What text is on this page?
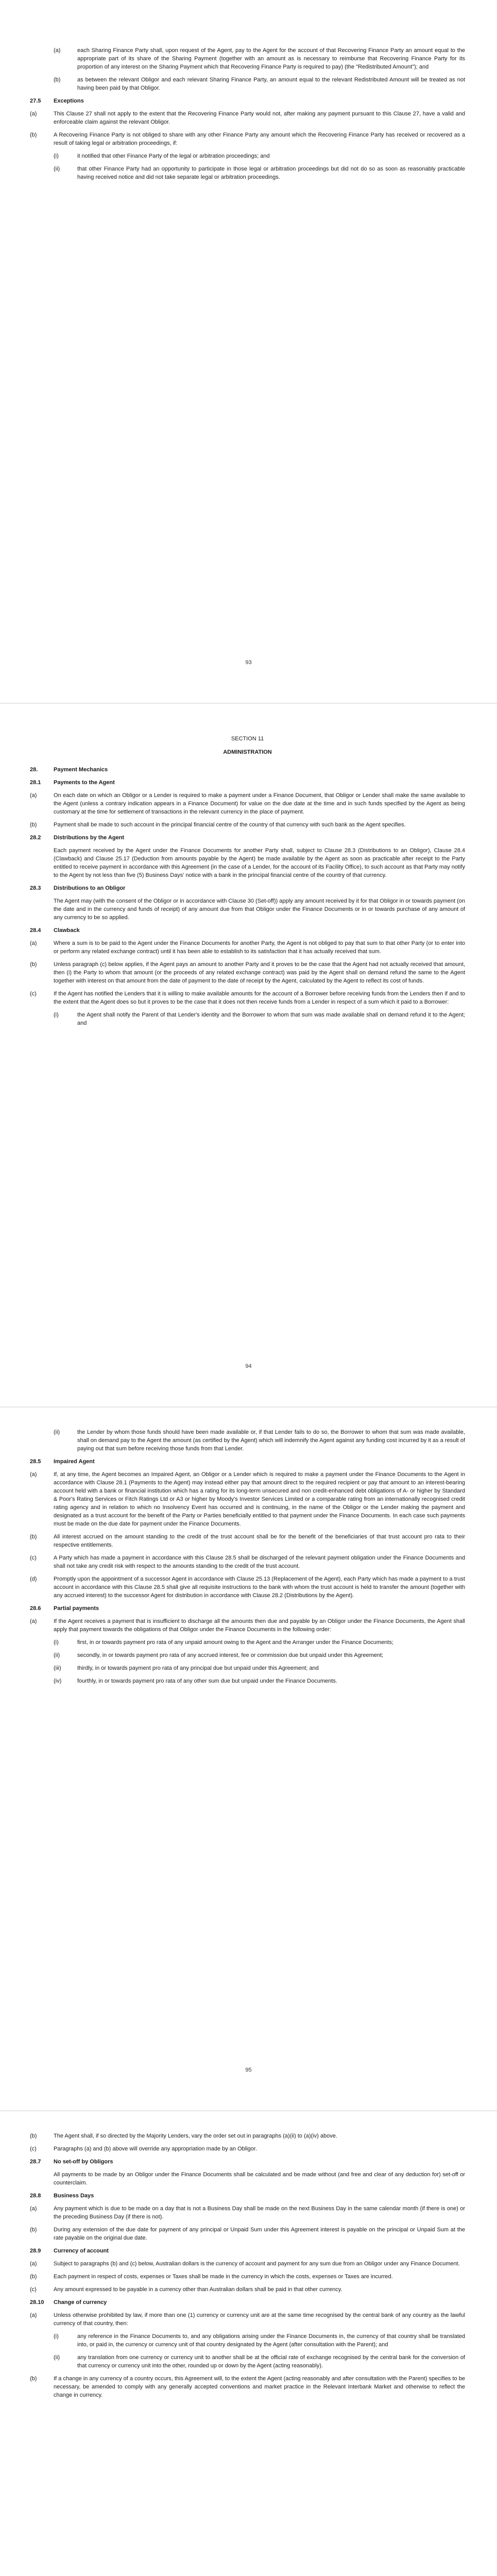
(a)	each Sharing Finance Party shall, upon request of the Agent, pay to the Agent for the account of that Recovering Finance Party an amount equal to the appropriate part of its share of the Sharing Payment (together with an amount as is necessary to reimburse that Recovering Finance Party for its proportion of any interest on the Sharing Payment which that Recovering Finance Party is required to pay) (the "Redistributed Amount"); and
(b)	as between the relevant Obligor and each relevant Sharing Finance Party, an amount equal to the relevant Redistributed Amount will be treated as not having been paid by that Obligor.
27.5	Exceptions
(a)	This Clause 27 shall not apply to the extent that the Recovering Finance Party would not, after making any payment pursuant to this Clause 27, have a valid and enforceable claim against the relevant Obligor.
(b)	A Recovering Finance Party is not obliged to share with any other Finance Party any amount which the Recovering Finance Party has received or recovered as a result of taking legal or arbitration proceedings, if:
(i)	it notified that other Finance Party of the legal or arbitration proceedings; and
(ii)	that other Finance Party had an opportunity to participate in those legal or arbitration proceedings but did not do so as soon as reasonably practicable having received notice and did not take separate legal or arbitration proceedings.
93
SECTION 11
ADMINISTRATION
28.	Payment Mechanics
28.1	Payments to the Agent
(a)	On each date on which an Obligor or a Lender is required to make a payment under a Finance Document, that Obligor or Lender shall make the same available to the Agent (unless a contrary indication appears in a Finance Document) for value on the due date at the time and in such funds specified by the Agent as being customary at the time for settlement of transactions in the relevant currency in the place of payment.
(b)	Payment shall be made to such account in the principal financial centre of the country of that currency with such bank as the Agent specifies.
28.2	Distributions by the Agent
Each payment received by the Agent under the Finance Documents for another Party shall, subject to Clause 28.3 (Distributions to an Obligor), Clause 28.4 (Clawback) and Clause 25.17 (Deduction from amounts payable by the Agent) be made available by the Agent as soon as practicable after receipt to the Party entitled to receive payment in accordance with this Agreement (in the case of a Lender, for the account of its Facility Office), to such account as that Party may notify to the Agent by not less than five (5) Business Days' notice with a bank in the principal financial centre of the country of that currency.
28.3	Distributions to an Obligor
The Agent may (with the consent of the Obligor or in accordance with Clause 30 (Set-off)) apply any amount received by it for that Obligor in or towards payment (on the date and in the currency and funds of receipt) of any amount due from that Obligor under the Finance Documents or in or towards purchase of any amount of any currency to be so applied.
28.4	Clawback
(a)	Where a sum is to be paid to the Agent under the Finance Documents for another Party, the Agent is not obliged to pay that sum to that other Party (or to enter into or perform any related exchange contract) until it has been able to establish to its satisfaction that it has actually received that sum.
(b)	Unless paragraph (c) below applies, if the Agent pays an amount to another Party and it proves to be the case that the Agent had not actually received that amount, then (i) the Party to whom that amount (or the proceeds of any related exchange contract) was paid by the Agent shall on demand refund the same to the Agent together with interest on that amount from the date of payment to the date of receipt by the Agent, calculated by the Agent to reflect its cost of funds.
(c)	If the Agent has notified the Lenders that it is willing to make available amounts for the account of a Borrower before receiving funds from the Lenders then if and to the extent that the Agent does so but it proves to be the case that it does not then receive funds from a Lender in respect of a sum which it paid to a Borrower:
(i)	the Agent shall notify the Parent of that Lender's identity and the Borrower to whom that sum was made available shall on demand refund it to the Agent; and
94
(ii)	the Lender by whom those funds should have been made available or, if that Lender fails to do so, the Borrower to whom that sum was made available, shall on demand pay to the Agent the amount (as certified by the Agent) which will indemnify the Agent against any funding cost incurred by it as a result of paying out that sum before receiving those funds from that Lender.
28.5	Impaired Agent
(a)	If, at any time, the Agent becomes an Impaired Agent, an Obligor or a Lender which is required to make a payment under the Finance Documents to the Agent in accordance with Clause 28.1 (Payments to the Agent) may instead either pay that amount direct to the required recipient or pay that amount to an interest-bearing account held with a bank or financial institution which has a rating for its long-term unsecured and non credit-enhanced debt obligations of A- or higher by Standard & Poor's Rating Services or Fitch Ratings Ltd or A3 or higher by Moody's Investor Services Limited or a comparable rating from an internationally recognised credit rating agency and in relation to which no Insolvency Event has occurred and is continuing, in the name of the Obligor or the Lender making the payment and designated as a trust account for the benefit of the Party or Parties beneficially entitled to that payment under the Finance Documents. In each case such payments must be made on the due date for payment under the Finance Documents.
(b)	All interest accrued on the amount standing to the credit of the trust account shall be for the benefit of the beneficiaries of that trust account pro rata to their respective entitlements.
(c)	A Party which has made a payment in accordance with this Clause 28.5 shall be discharged of the relevant payment obligation under the Finance Documents and shall not take any credit risk with respect to the amounts standing to the credit of the trust account.
(d)	Promptly upon the appointment of a successor Agent in accordance with Clause 25.13 (Replacement of the Agent), each Party which has made a payment to a trust account in accordance with this Clause 28.5 shall give all requisite instructions to the bank with whom the trust account is held to transfer the amount (together with any accrued interest) to the successor Agent for distribution in accordance with Clause 28.2 (Distributions by the Agent).
28.6	Partial payments
(a)	If the Agent receives a payment that is insufficient to discharge all the amounts then due and payable by an Obligor under the Finance Documents, the Agent shall apply that payment towards the obligations of that Obligor under the Finance Documents in the following order:
(i)	first, in or towards payment pro rata of any unpaid amount owing to the Agent and the Arranger under the Finance Documents;
(ii)	secondly, in or towards payment pro rata of any accrued interest, fee or commission due but unpaid under this Agreement;
(iii)	thirdly, in or towards payment pro rata of any principal due but unpaid under this Agreement; and
(iv)	fourthly, in or towards payment pro rata of any other sum due but unpaid under the Finance Documents.
95
(b)	The Agent shall, if so directed by the Majority Lenders, vary the order set out in paragraphs (a)(ii) to (a)(iv) above.
(c)	Paragraphs (a) and (b) above will override any appropriation made by an Obligor.
28.7	No set-off by Obligors
All payments to be made by an Obligor under the Finance Documents shall be calculated and be made without (and free and clear of any deduction for) set-off or counterclaim.
28.8	Business Days
(a)	Any payment which is due to be made on a day that is not a Business Day shall be made on the next Business Day in the same calendar month (if there is one) or the preceding Business Day (if there is not).
(b)	During any extension of the due date for payment of any principal or Unpaid Sum under this Agreement interest is payable on the principal or Unpaid Sum at the rate payable on the original due date.
28.9	Currency of account
(a)	Subject to paragraphs (b) and (c) below, Australian dollars is the currency of account and payment for any sum due from an Obligor under any Finance Document.
(b)	Each payment in respect of costs, expenses or Taxes shall be made in the currency in which the costs, expenses or Taxes are incurred.
(c)	Any amount expressed to be payable in a currency other than Australian dollars shall be paid in that other currency.
28.10	Change of currency
(a)	Unless otherwise prohibited by law, if more than one (1) currency or currency unit are at the same time recognised by the central bank of any country as the lawful currency of that country, then:
(i)	any reference in the Finance Documents to, and any obligations arising under the Finance Documents in, the currency of that country shall be translated into, or paid in, the currency or currency unit of that country designated by the Agent (after consultation with the Parent); and
(ii)	any translation from one currency or currency unit to another shall be at the official rate of exchange recognised by the central bank for the conversion of that currency or currency unit into the other, rounded up or down by the Agent (acting reasonably).
(b)	If a change in any currency of a country occurs, this Agreement will, to the extent the Agent (acting reasonably and after consultation with the Parent) specifies to be necessary, be amended to comply with any generally accepted conventions and market practice in the Relevant Interbank Market and otherwise to reflect the change in currency.
